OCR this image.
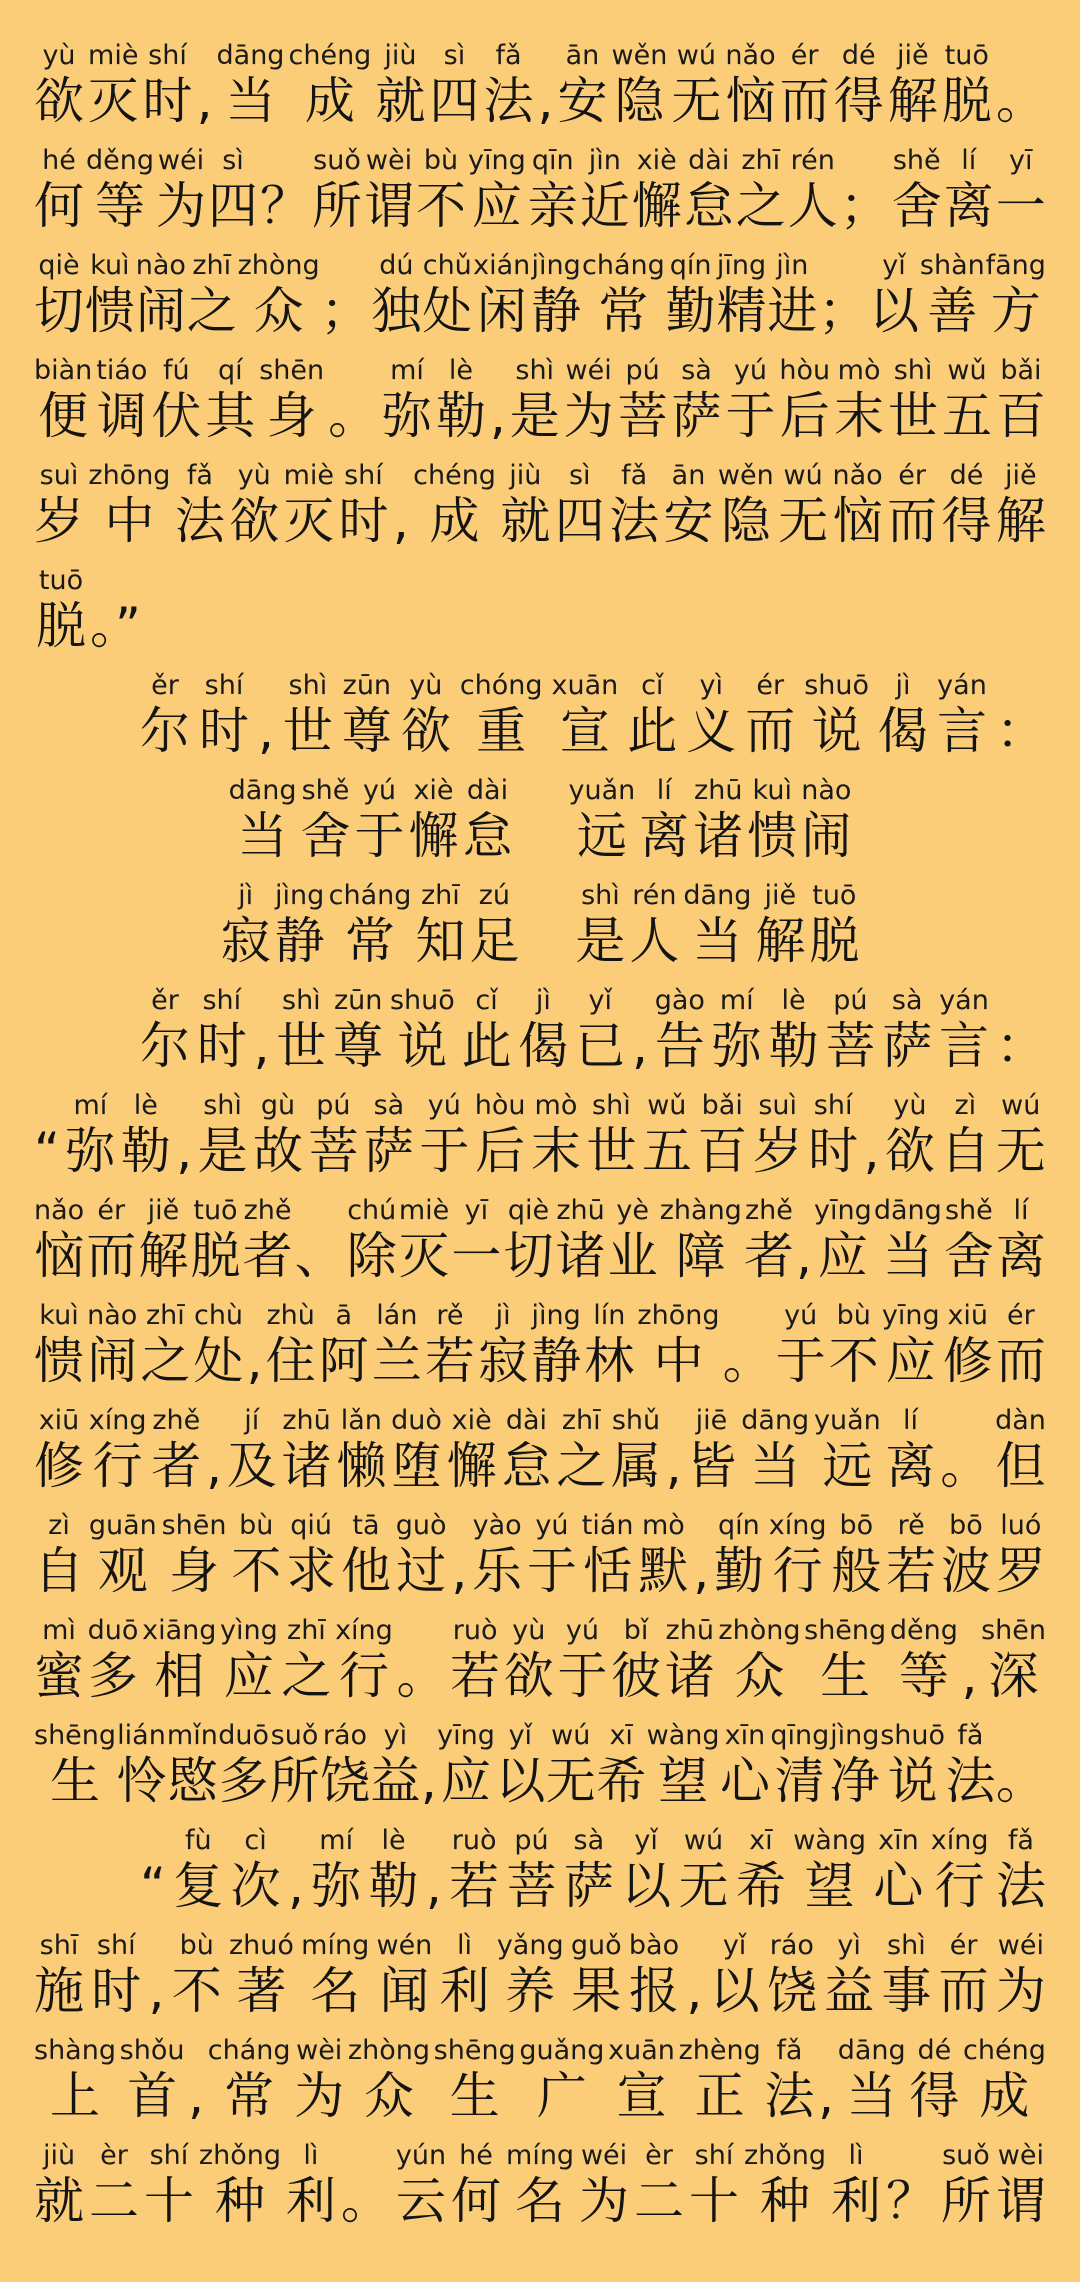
yù
欲
miè
灭
shí
时 ,
dāng
当
chéng
成
jiù
就
sì
四
fǎ
法 ,
ān
安
wěn
隐
wú
无
nǎo
恼
ér
而
dé
得
jiě
解
tuō
脱 。
hé
何
děng
等
wéi
为
sì
四 ？
suǒ
所
wèi
谓
bù
不
yīng
应
qīn
亲
jìn
近
xiè
懈
dài
怠
zhī
之
rén
人 ；
shě
舍
lí
离
yī
一
qiè
切
kuì
愦
nào
闹
zhī
之
zhòng
众 ；
dú
独
chǔ
处
xián
闲
jìng
静
cháng
常
qín
勤
jīng
精
jìn
进 ；
yǐ
以
shàn
善
fāng
方
biàn
便
tiáo
调
fú
伏
qí
其
shēn
身 。
mí
弥
lè
勒 ,
shì
是
wéi
为
pú
菩
sà
萨
yú
于
hòu
后
mò
末
shì
世
wǔ
五
bǎi
百
suì
岁
zhōng
中
fǎ
法
yù
欲
miè
灭
shí
时 ,
chéng
成
jiù
就
sì
四
fǎ
法
ān
安
wěn
隐
wú
无
nǎo
恼
ér
而
dé
得
jiě
解
tuō
脱 。”
ěr
尔
shí
时 ,
shì
世
zūn
尊
yù
欲
chóng
重
xuān
宣
cǐ
此
yì
义
ér
而
shuō
说
jì
偈
yán
言 ：
dāng
当
shě
舍
yú
于
xiè
懈
dài
怠
yuǎn
远
lí
离
zhū
诸
kuì
愦
nào
闹
jì
寂
jìng
静
cháng
常
zhī
知
zú
足
shì
是
rén
人
dāng
当
jiě
解
tuō
脱
ěr
尔
shí
时 ,
shì
世
zūn
尊
shuō
说
cǐ
此
jì
偈
yǐ
已 ,
gào
告
mí
弥
lè
勒
pú
菩
sà
萨
yán
言 ：
“
mí
弥
lè
勒 ,
shì
是
gù
故
pú
菩
sà
萨
yú
于
hòu
后
mò
末
shì
世
wǔ
五
bǎi
百
suì
岁
shí
时 ,
yù
欲
zì
自
wú
无
nǎo
恼
ér
而
jiě
解
tuō
脱
zhě
者 、
chú
除
miè
灭
yī
一
qiè
切
zhū
诸
yè
业
zhàng
障
zhě
者 ,
yīng
应
dāng
当
shě
舍
lí
离
kuì
愦
nào
闹
zhī
之
chù
处 ,
zhù
住
ā
阿
lán
兰
rě
若
jì
寂
jìng
静
lín
林
zhōng
中 。
yú
于
bù
不
yīng
应
xiū
修
ér
而
xiū
修
xíng
行
zhě
者 ,
jí
及
zhū
诸
lǎn
懒
duò
堕
xiè
懈
dài
怠
zhī
之
shǔ
属 ,
jiē
皆
dāng
当
yuǎn
远
lí
离 。
dàn
但
zì
自
guān
观
shēn
身
bù
不
qiú
求
tā
他
guò
过 ,
yào
乐
yú
于
tián
恬
mò
默 ,
qín
勤
xíng
行
bō
般
rě
若
bō
波
luó
罗
mì
蜜
duō
多
xiāng
相
yìng
应
zhī
之
xíng
行 。
ruò
若
yù
欲
yú
于
bǐ
彼
zhū
诸
zhòng
众
shēng
生
děng
等 ,
shēn
深
shēng
生
lián
怜
mǐn
愍
duō
多
suǒ
所
ráo
饶
yì
益 ,
yīng
应
yǐ
以
wú
无
xī
希
wàng
望
xīn
心
qīng
清
jìng
净
shuō
说
fǎ
法 。
“
fù
复
cì
次 ,
mí
弥
lè
勒 ,
ruò
若
pú
菩
sà
萨
yǐ
以
wú
无
xī
希
wàng
望
xīn
心
xíng
行
fǎ
法
shī
施
shí
时 ,
bù
不
zhuó
著
míng
名
wén
闻
lì
利
yǎng
养
guǒ
果
bào
报 ,
yǐ
以
ráo
饶
yì
益
shì
事
ér
而
wéi
为
shàng
上
shǒu
首 ,
cháng
常
wèi
为
zhòng
众
shēng
生
guǎng
广
xuān
宣
zhèng
正
fǎ
法 ,
dāng
当
dé
得
chéng
成
jiù
就
èr
二
shí
十
zhǒng
种
lì
利 。
yún
云
hé
何
míng
名
wéi
为
èr
二
shí
十
zhǒng
种
lì
利 ？
suǒ
所
wèi
谓
